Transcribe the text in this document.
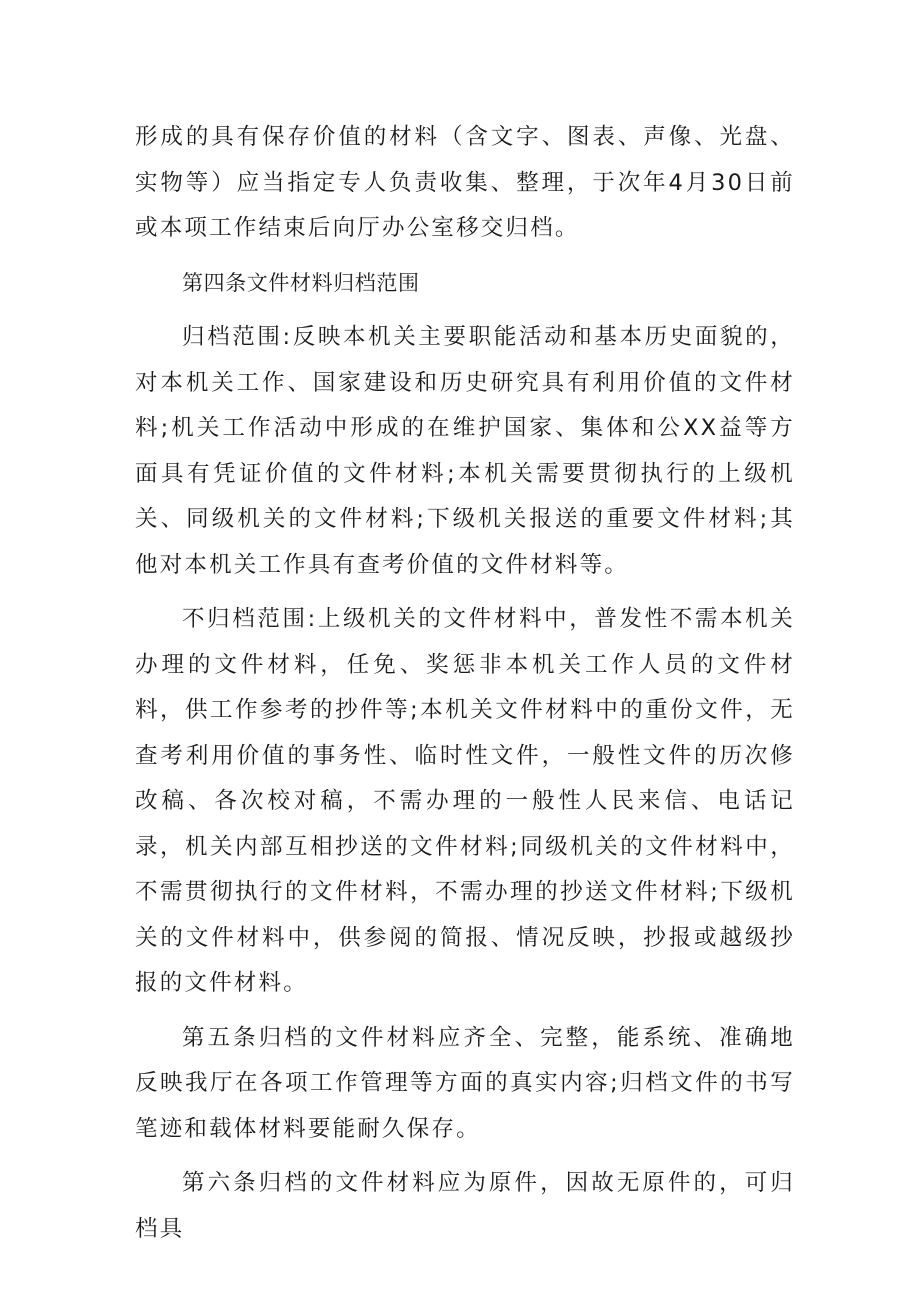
形成的具有保存价值的材料（含文字、图表、声像、光盘、实物等）应当指定专人负责收集、整理，于次年4月30日前或本项工作结束后向厅办公室移交归档。

第四条文件材料归档范围

归档范围:反映本机关主要职能活动和基本历史面貌的，对本机关工作、国家建设和历史研究具有利用价值的文件材料;机关工作活动中形成的在维护国家、集体和公XX益等方面具有凭证价值的文件材料;本机关需要贯彻执行的上级机关、同级机关的文件材料;下级机关报送的重要文件材料;其他对本机关工作具有查考价值的文件材料等。

不归档范围:上级机关的文件材料中，普发性不需本机关办理的文件材料，任免、奖惩非本机关工作人员的文件材料，供工作参考的抄件等;本机关文件材料中的重份文件，无查考利用价值的事务性、临时性文件，一般性文件的历次修改稿、各次校对稿，不需办理的一般性人民来信、电话记录，机关内部互相抄送的文件材料;同级机关的文件材料中，不需贯彻执行的文件材料，不需办理的抄送文件材料;下级机关的文件材料中，供参阅的简报、情况反映，抄报或越级抄报的文件材料。

第五条归档的文件材料应齐全、完整，能系统、准确地反映我厅在各项工作管理等方面的真实内容;归档文件的书写笔迹和载体材料要能耐久保存。

第六条归档的文件材料应为原件，因故无原件的，可归档具
